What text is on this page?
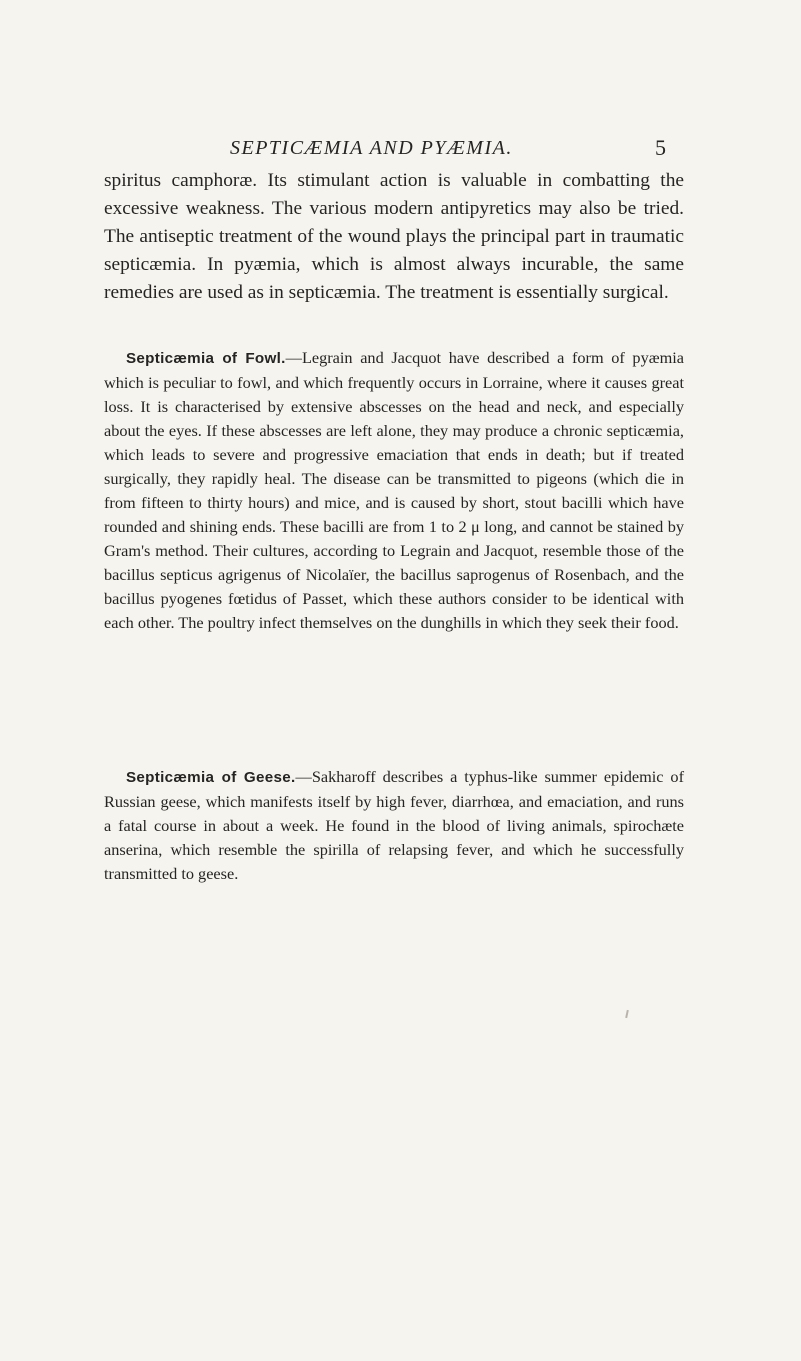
SEPTICÆMIA AND PYÆMIA.	5

spiritus camphoræ. Its stimulant action is valuable in combatting the excessive weakness. The various modern antipyretics may also be tried. The antiseptic treatment of the wound plays the principal part in traumatic septicæmia. In pyæmia, which is almost always incurable, the same remedies are used as in septicæmia. The treatment is essentially surgical.

Septicæmia of Fowl.—Legrain and Jacquot have described a form of pyæmia which is peculiar to fowl, and which frequently occurs in Lorraine, where it causes great loss. It is characterised by extensive abscesses on the head and neck, and especially about the eyes. If these abscesses are left alone, they may produce a chronic septicæmia, which leads to severe and progressive emaciation that ends in death; but if treated surgically, they rapidly heal. The disease can be transmitted to pigeons (which die in from fifteen to thirty hours) and mice, and is caused by short, stout bacilli which have rounded and shining ends. These bacilli are from 1 to 2 μ long, and cannot be stained by Gram's method. Their cultures, according to Legrain and Jacquot, resemble those of the bacillus septicus agrigenus of Nicolaïer, the bacillus saprogenus of Rosenbach, and the bacillus pyogenes fœtidus of Passet, which these authors consider to be identical with each other. The poultry infect themselves on the dunghills in which they seek their food.

Septicæmia of Geese.—Sakharoff describes a typhus-like summer epidemic of Russian geese, which manifests itself by high fever, diarrhœa, and emaciation, and runs a fatal course in about a week. He found in the blood of living animals, spirochæte anserina, which resemble the spirilla of relapsing fever, and which he successfully transmitted to geese.
